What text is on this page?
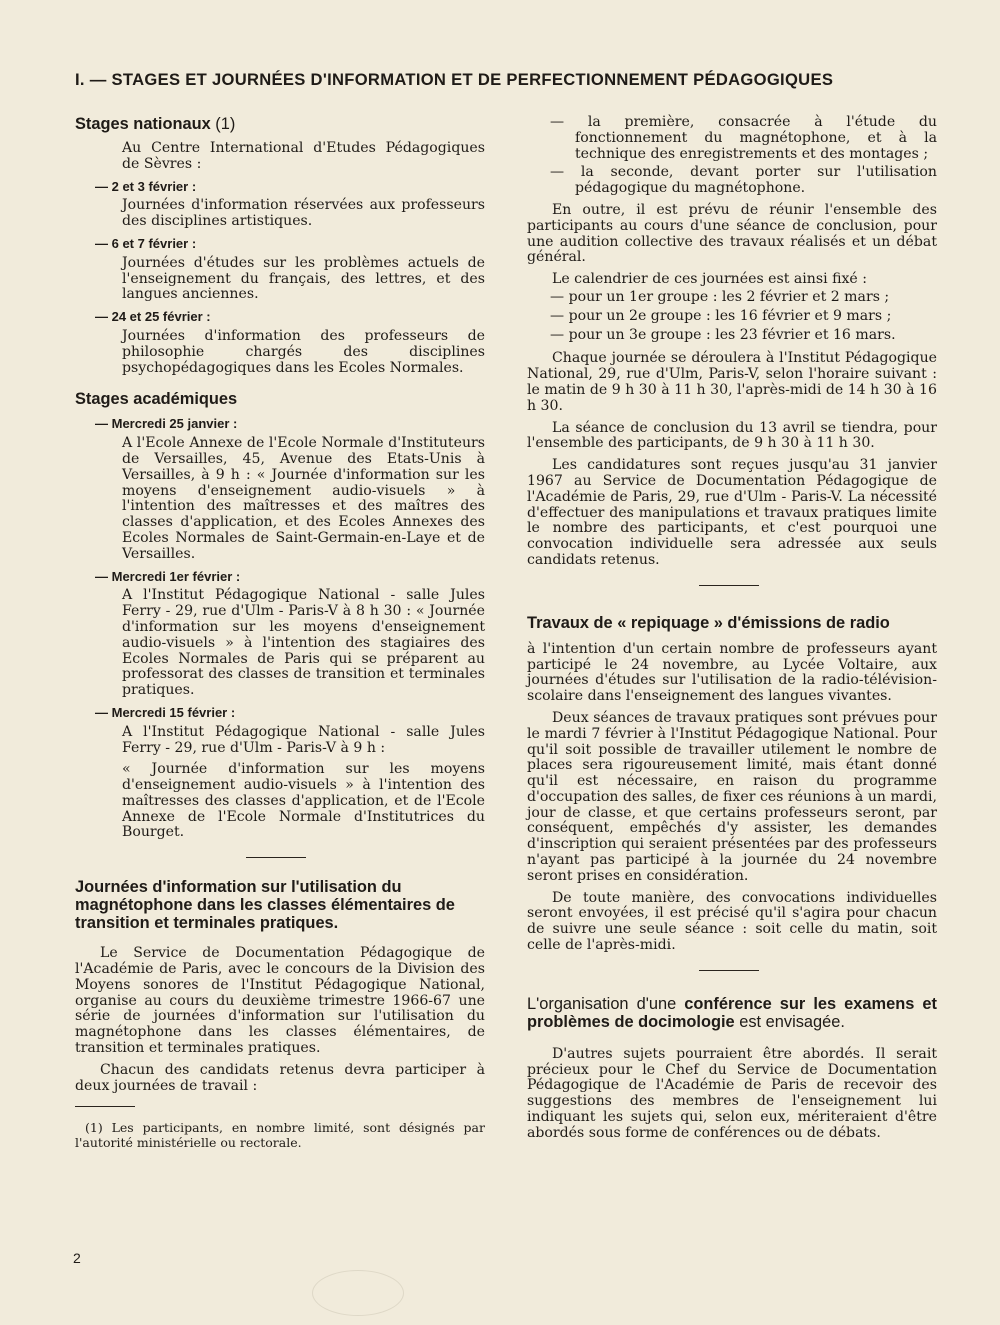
I. — STAGES ET JOURNÉES D'INFORMATION ET DE PERFECTIONNEMENT PÉDAGOGIQUES
Stages nationaux (1)

Au Centre International d'Etudes Pédagogiques de Sèvres :

— 2 et 3 février :

Journées d'information réservées aux professeurs des disciplines artistiques.

— 6 et 7 février :

Journées d'études sur les problèmes actuels de l'enseignement du français, des lettres, et des langues anciennes.

— 24 et 25 février :

Journées d'information des professeurs de philosophie chargés des disciplines psychopédagogiques dans les Ecoles Normales.

Stages académiques
— Mercredi 25 janvier :

A l'Ecole Annexe de l'Ecole Normale d'Instituteurs de Versailles, 45, Avenue des Etats-Unis à Versailles, à 9 h : « Journée d'information sur les moyens d'enseignement audio-visuels » à l'intention des maîtresses et des maîtres des classes d'application, et des Ecoles Annexes des Ecoles Normales de Saint-Germain-en-Laye et de Versailles.

— Mercredi 1er février :

A l'Institut Pédagogique National - salle Jules Ferry - 29, rue d'Ulm - Paris-V à 8 h 30 : « Journée d'information sur les moyens d'enseignement audio-visuels » à l'intention des stagiaires des Ecoles Normales de Paris qui se préparent au professorat des classes de transition et terminales pratiques.

— Mercredi 15 février :

A l'Institut Pédagogique National - salle Jules Ferry - 29, rue d'Ulm - Paris-V à 9 h :

« Journée d'information sur les moyens d'enseignement audio-visuels » à l'intention des maîtresses des classes d'application, et de l'Ecole Annexe de l'Ecole Normale d'Institutrices du Bourget.

Journées d'information sur l'utilisation du magnétophone dans les classes élémentaires de transition et terminales pratiques.

Le Service de Documentation Pédagogique de l'Académie de Paris, avec le concours de la Division des Moyens sonores de l'Institut Pédagogique National, organise au cours du deuxième trimestre 1966-67 une série de journées d'information sur l'utilisation du magnétophone dans les classes élémentaires, de transition et terminales pratiques.

Chacun des candidats retenus devra participer à deux journées de travail :

(1) Les participants, en nombre limité, sont désignés par l'autorité ministérielle ou rectorale.

— la première, consacrée à l'étude du fonctionnement du magnétophone, et à la technique des enregistrements et des montages ;

— la seconde, devant porter sur l'utilisation pédagogique du magnétophone.

En outre, il est prévu de réunir l'ensemble des participants au cours d'une séance de conclusion, pour une audition collective des travaux réalisés et un débat général.

Le calendrier de ces journées est ainsi fixé :

— pour un 1er groupe : les 2 février et 2 mars ;

— pour un 2e groupe : les 16 février et 9 mars ;

— pour un 3e groupe : les 23 février et 16 mars.

Chaque journée se déroulera à l'Institut Pédagogique National, 29, rue d'Ulm, Paris-V, selon l'horaire suivant : le matin de 9 h 30 à 11 h 30, l'après-midi de 14 h 30 à 16 h 30.

La séance de conclusion du 13 avril se tiendra, pour l'ensemble des participants, de 9 h 30 à 11 h 30.

Les candidatures sont reçues jusqu'au 31 janvier 1967 au Service de Documentation Pédagogique de l'Académie de Paris, 29, rue d'Ulm - Paris-V. La nécessité d'effectuer des manipulations et travaux pratiques limite le nombre des participants, et c'est pourquoi une convocation individuelle sera adressée aux seuls candidats retenus.

Travaux de « repiquage » d'émissions de radio

à l'intention d'un certain nombre de professeurs ayant participé le 24 novembre, au Lycée Voltaire, aux journées d'études sur l'utilisation de la radio-télévision-scolaire dans l'enseignement des langues vivantes.

Deux séances de travaux pratiques sont prévues pour le mardi 7 février à l'Institut Pédagogique National. Pour qu'il soit possible de travailler utilement le nombre de places sera rigoureusement limité, mais étant donné qu'il est nécessaire, en raison du programme d'occupation des salles, de fixer ces réunions à un mardi, jour de classe, et que certains professeurs seront, par conséquent, empêchés d'y assister, les demandes d'inscription qui seraient présentées par des professeurs n'ayant pas participé à la journée du 24 novembre seront prises en considération.

De toute manière, des convocations individuelles seront envoyées, il est précisé qu'il s'agira pour chacun de suivre une seule séance : soit celle du matin, soit celle de l'après-midi.

L'organisation d'une conférence sur les examens et problèmes de docimologie est envisagée.

D'autres sujets pourraient être abordés. Il serait précieux pour le Chef du Service de Documentation Pédagogique de l'Académie de Paris de recevoir des suggestions des membres de l'enseignement lui indiquant les sujets qui, selon eux, mériteraient d'être abordés sous forme de conférences ou de débats.

2
